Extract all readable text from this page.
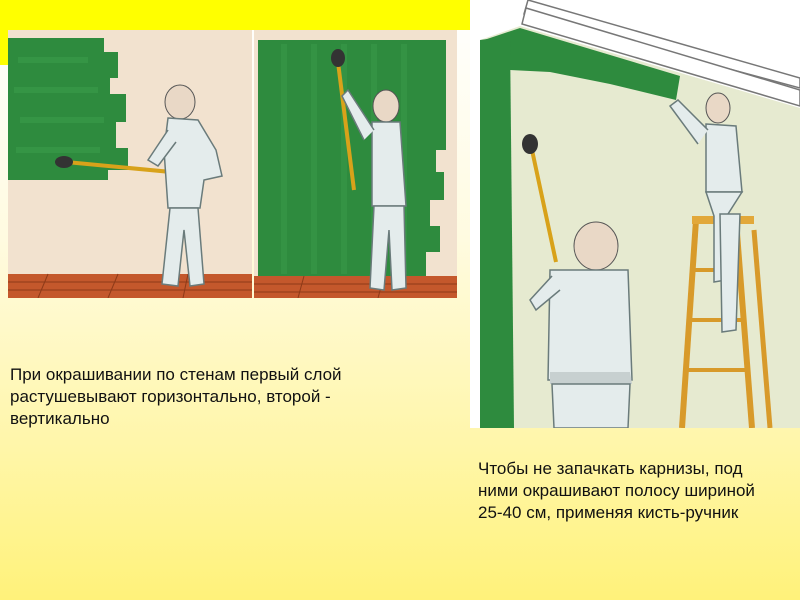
При окрашивании по стенам первый слой растушевывают горизонтально, второй - вертикально

Чтобы не запачкать карнизы, под ними окрашивают полосу шириной 25-40 см, применяя кисть-ручник
